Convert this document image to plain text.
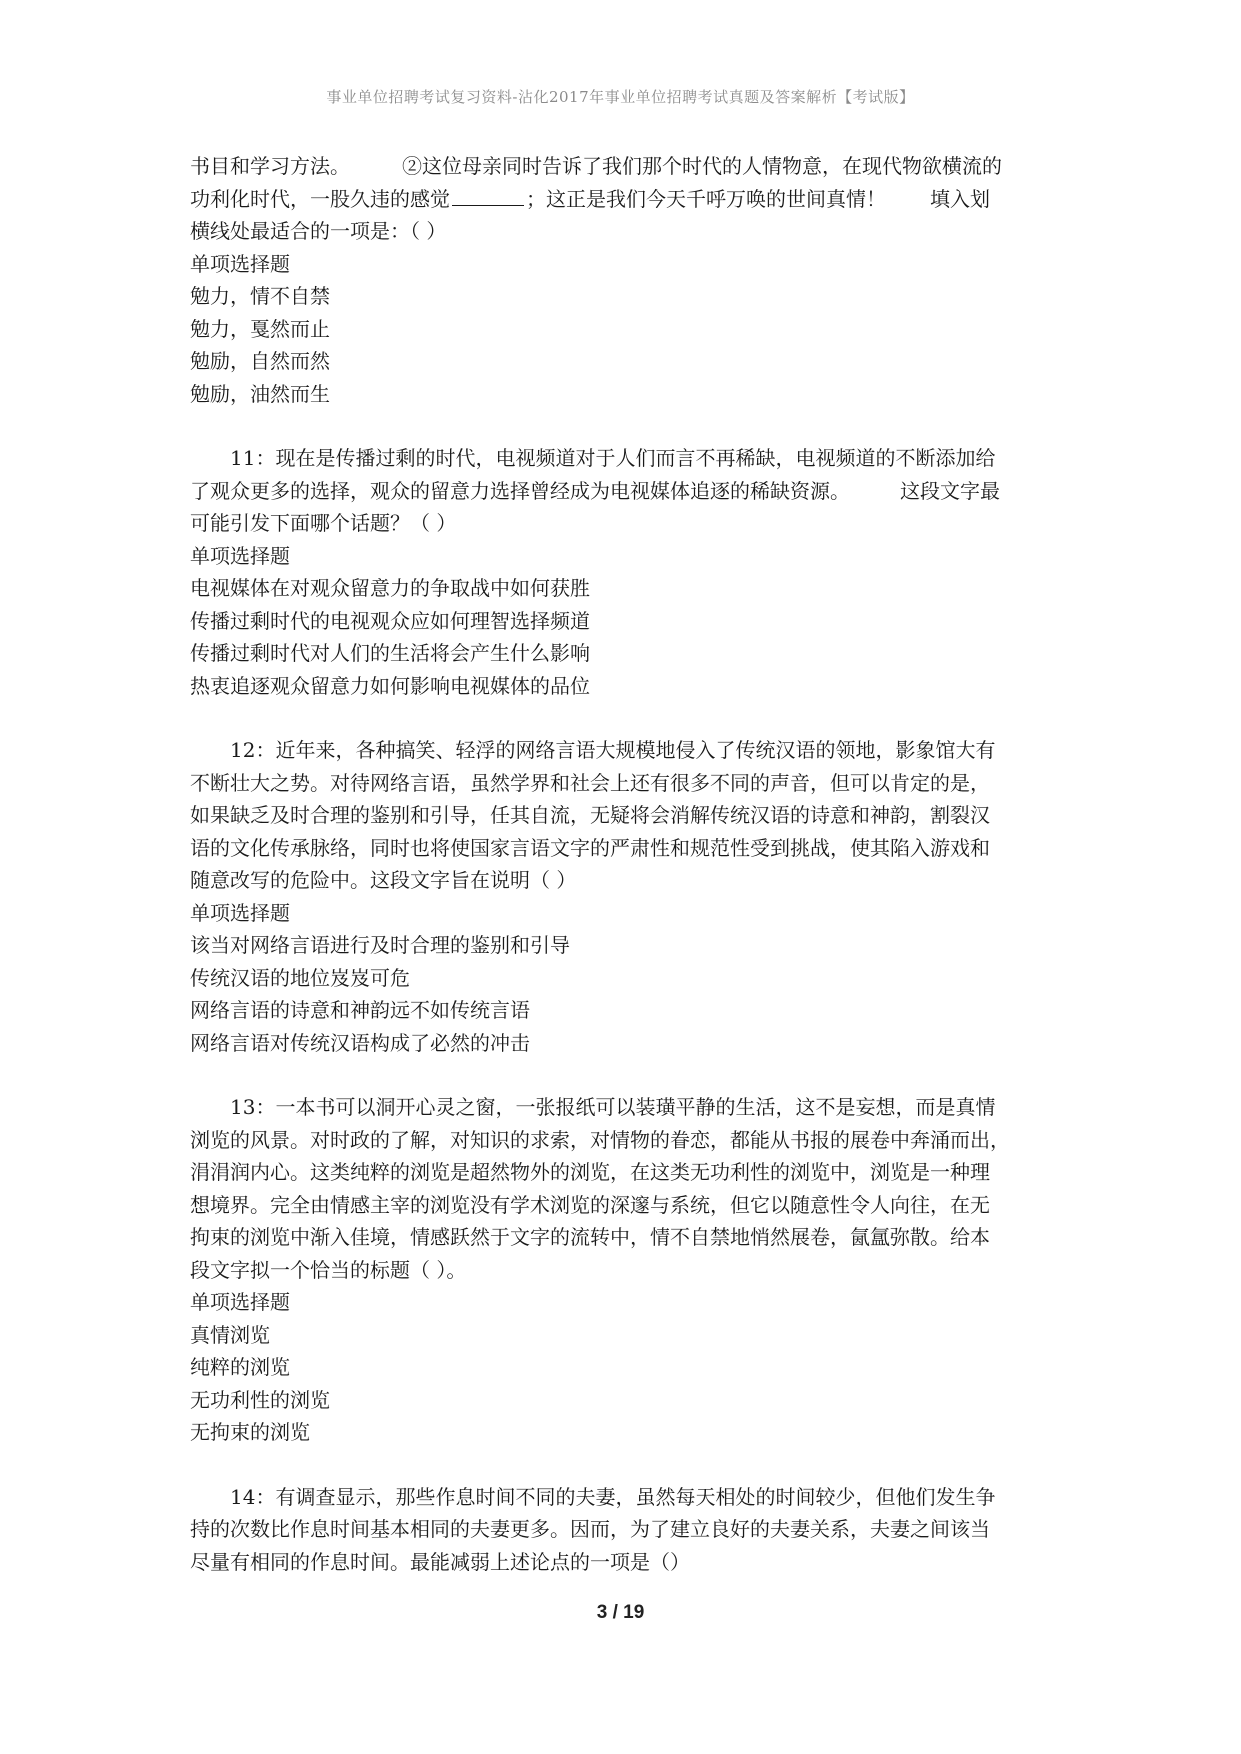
事业单位招聘考试复习资料-沾化2017年事业单位招聘考试真题及答案解析【考试版】
书目和学习方法。	②这位母亲同时告诉了我们那个时代的人情物意，在现代物欲横流的
功利化时代，一股久违的感觉	；这正是我们今天千呼万唤的世间真情！ 填入划
横线处最适合的一项是：（ ）
单项选择题
勉力，情不自禁
勉力，戛然而止
勉励，自然而然
勉励，油然而生
11：现在是传播过剩的时代，电视频道对于人们而言不再稀缺，电视频道的不断添加给
了观众更多的选择，观众的留意力选择曾经成为电视媒体追逐的稀缺资源。	这段文字最
可能引发下面哪个话题？（ ）
单项选择题
电视媒体在对观众留意力的争取战中如何获胜
传播过剩时代的电视观众应如何理智选择频道
传播过剩时代对人们的生活将会产生什么影响
热衷追逐观众留意力如何影响电视媒体的品位
12：近年来，各种搞笑、轻浮的网络言语大规模地侵入了传统汉语的领地，影象馆大有
不断壮大之势。对待网络言语，虽然学界和社会上还有很多不同的声音，但可以肯定的是，
如果缺乏及时合理的鉴别和引导，任其自流，无疑将会消解传统汉语的诗意和神韵，割裂汉
语的文化传承脉络，同时也将使国家言语文字的严肃性和规范性受到挑战，使其陷入游戏和
随意改写的危险中。这段文字旨在说明（ ）
单项选择题
该当对网络言语进行及时合理的鉴别和引导
传统汉语的地位岌岌可危
网络言语的诗意和神韵远不如传统言语
网络言语对传统汉语构成了必然的冲击
13：一本书可以洞开心灵之窗，一张报纸可以装璜平静的生活，这不是妄想，而是真情
浏览的风景。对时政的了解，对知识的求索，对情物的眷恋，都能从书报的展卷中奔涌而出，
涓涓润内心。这类纯粹的浏览是超然物外的浏览，在这类无功利性的浏览中，浏览是一种理
想境界。完全由情感主宰的浏览没有学术浏览的深邃与系统，但它以随意性令人向往，在无
拘束的浏览中渐入佳境，情感跃然于文字的流转中，情不自禁地悄然展卷，氤氲弥散。给本
段文字拟一个恰当的标题（ ）。
单项选择题
真情浏览
纯粹的浏览
无功利性的浏览
无拘束的浏览
14：有调查显示，那些作息时间不同的夫妻，虽然每天相处的时间较少，但他们发生争
持的次数比作息时间基本相同的夫妻更多。因而，为了建立良好的夫妻关系，夫妻之间该当
尽量有相同的作息时间。最能减弱上述论点的一项是（）
3 / 19
